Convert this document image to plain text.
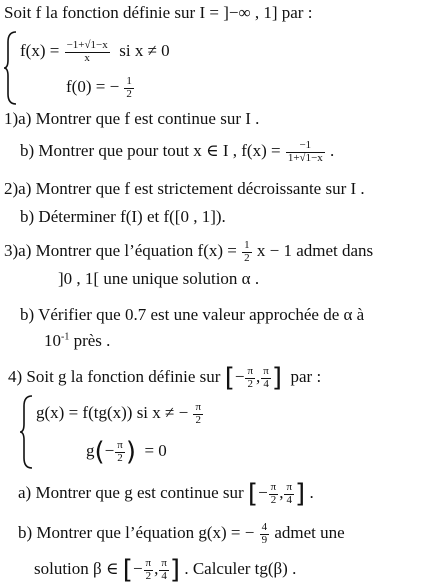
Soit f la fonction définie sur I = ]−∞ , 1] par :
$f(x) = \frac{-1+√1-x}{x}$ si x ≠ 0
f(0) = − $\frac{1}{2}$
1)a) Montrer que f est continue sur I .
b) Montrer que pour tout x ∈ I , $f(x) = \frac{-1}{1+√1-x}$ .
2)a) Montrer que f est strictement décroissante sur I .
b) Déterminer f(I) et f([0 , 1]).
3)a) Montrer que l’équation $f(x) = \frac{1}{2}$ x − 1 admet dans
]0 , 1[ une unique solution α .
b) Vérifier que 0.7 est une valeur approchée de α à
$10^{-1}$ près .
4) Soit g la fonction définie sur [− $\frac{\pi}{2}$ , $\frac{\pi}{4}$ ] par :
g(x) = f(tg(x)) si x ≠ − $\frac{\pi}{2}$
$g(- \frac{\pi}{2}$ ) = 0
a) Montrer que g est continue sur [− $\frac{\pi}{2}$ , $\frac{\pi}{4}$ ] .
b) Montrer que l’équation g(x) = − $\frac{4}{9}$ admet une
solution β ∈ [− $\frac{\pi}{2}$ , $\frac{\pi}{4}$ ] . Calculer tg(β) .
